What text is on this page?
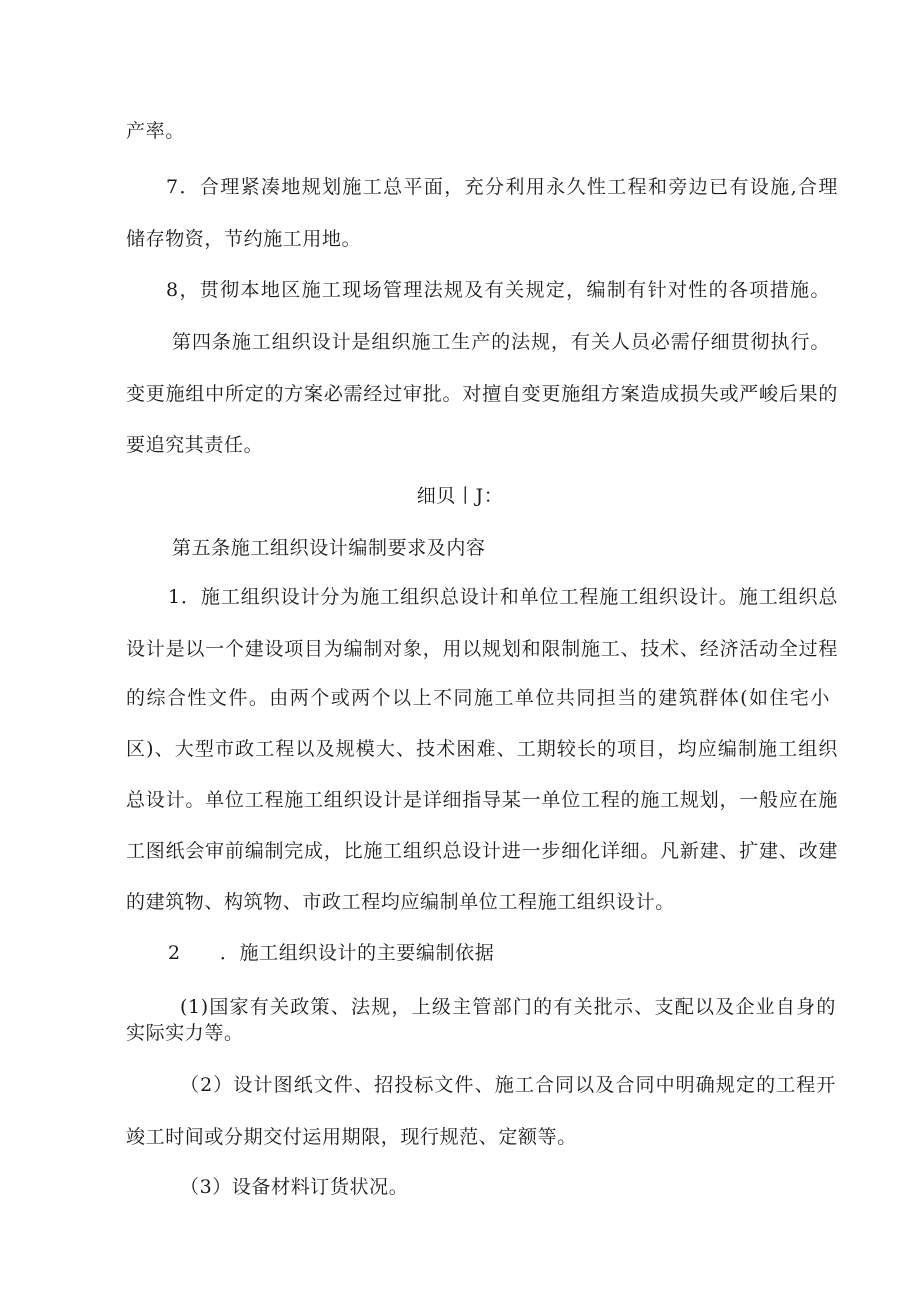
产率。
7．合理紧凑地规划施工总平面，充分利用永久性工程和旁边已有设施,合理
储存物资，节约施工用地。
8，贯彻本地区施工现场管理法规及有关规定，编制有针对性的各项措施。
第四条施工组织设计是组织施工生产的法规，有关人员必需仔细贯彻执行。
变更施组中所定的方案必需经过审批。对擅自变更施组方案造成损失或严峻后果的
要追究其责任。
细贝丨J：
第五条施工组织设计编制要求及内容
1．施工组织设计分为施工组织总设计和单位工程施工组织设计。施工组织总
设计是以一个建设项目为编制对象，用以规划和限制施工、技术、经济活动全过程
的综合性文件。由两个或两个以上不同施工单位共同担当的建筑群体(如住宅小
区)、大型市政工程以及规模大、技术困难、工期较长的项目，均应编制施工组织
总设计。单位工程施工组织设计是详细指导某一单位工程的施工规划，一般应在施
工图纸会审前编制完成，比施工组织总设计进一步细化详细。凡新建、扩建、改建
的建筑物、构筑物、市政工程均应编制单位工程施工组织设计。
2　　．施工组织设计的主要编制依据
(1)国家有关政策、法规，上级主管部门的有关批示、支配以及企业自身的
实际实力等。
（2）设计图纸文件、招投标文件、施工合同以及合同中明确规定的工程开
竣工时间或分期交付运用期限，现行规范、定额等。
（3）设备材料订货状况。
